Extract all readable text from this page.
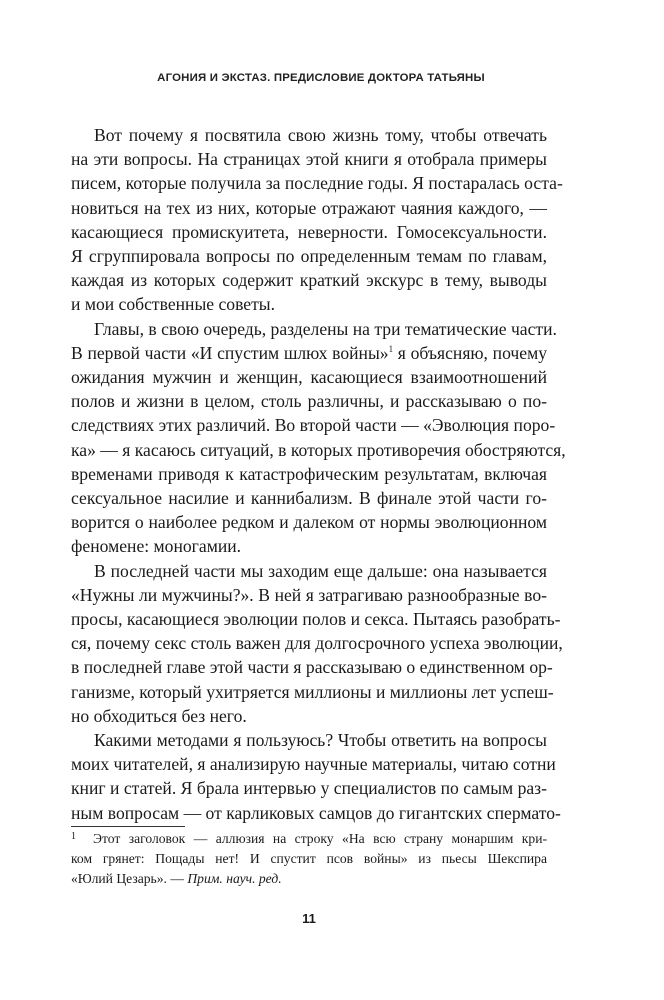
АГОНИЯ И ЭКСТАЗ. ПРЕДИСЛОВИЕ ДОКТОРА ТАТЬЯНЫ
Вот почему я посвятила свою жизнь тому, чтобы отвечать
на эти вопросы. На страницах этой книги я отобрала примеры
писем, которые получила за последние годы. Я постаралась оста-
новиться на тех из них, которые отражают чаяния каждого, —
касающиеся промискуитета, неверности. Гомосексуальности.
Я сгруппировала вопросы по определенным темам по главам,
каждая из которых содержит краткий экскурс в тему, выводы
и мои собственные советы.
Главы, в свою очередь, разделены на три тематические части.
В первой части «И спустим шлюх войны»$^1$ я объясняю, почему
ожидания мужчин и женщин, касающиеся взаимоотношений
полов и жизни в целом, столь различны, и рассказываю о по-
следствиях этих различий. Во второй части — «Эволюция поро-
ка» — я касаюсь ситуаций, в которых противоречия обостряются,
временами приводя к катастрофическим результатам, включая
сексуальное насилие и каннибализм. В финале этой части го-
ворится о наиболее редком и далеком от нормы эволюционном
феномене: моногамии.
В последней части мы заходим еще дальше: она называется
«Нужны ли мужчины?». В ней я затрагиваю разнообразные во-
просы, касающиеся эволюции полов и секса. Пытаясь разобрать-
ся, почему секс столь важен для долгосрочного успеха эволюции,
в последней главе этой части я рассказываю о единственном ор-
ганизме, который ухитряется миллионы и миллионы лет успеш-
но обходиться без него.
Какими методами я пользуюсь? Чтобы ответить на вопросы
моих читателей, я анализирую научные материалы, читаю сотни
книг и статей. Я брала интервью у специалистов по самым раз-
ным вопросам — от карликовых самцов до гигантских спермато-
1 Этот заголовок — аллюзия на строку «На всю страну монаршим кри-
ком грянет: Пощады нет! И спустит псов войны» из пьесы Шекспира
«Юлий Цезарь». — Прим. науч. ред.
11
